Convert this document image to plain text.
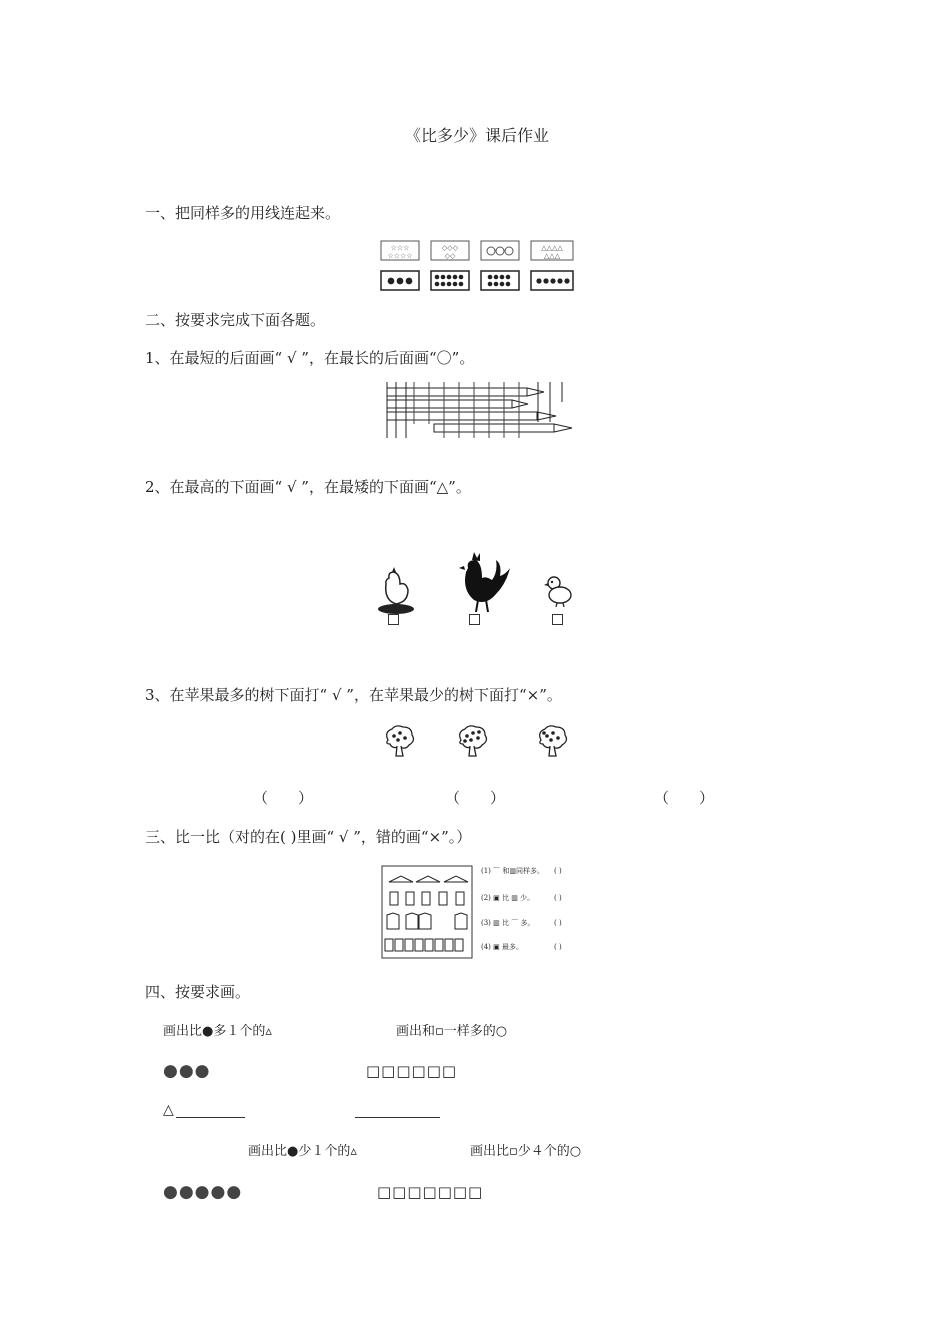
《比多少》课后作业
一、把同样多的用线连起来。
☆☆☆
☆☆☆☆
◇◇◇
◇◇
△△△△
△△△
二、按要求完成下面各题。
1、在最短的后面画“ √ ”，在最长的后面画“〇”。
2、在最高的下面画“ √ ”，在最矮的下面画“△”。
3、在苹果最多的树下面打“ √ ”，在苹果最少的树下面打“×”。
（　　）	（　　）	（　　）
三、比一比（对的在( )里画“ √ ”，错的画“×”。）
(1) ⌒ 和▥同样多。 ( )
(2) ▣ 比 ▥ 少。	( )
(3) ▥ 比 ⌒ 多。	( )
(4) ▣ 最多。	( )
四、按要求画。
画出比●多１个的▵	画出和▫一样多的○
●●●	□□□□□□
△
画出比●少１个的▵	画出比▫少４个的○
●●●●●	□□□□□□□
